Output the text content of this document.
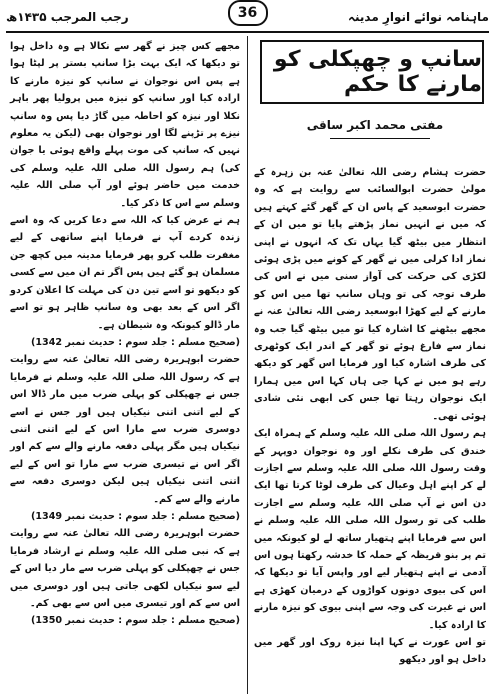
رجب المرجب ۱۴۳۵ھ	ماہنامہ نوائے انوارِ مدینہ
36
سانپ و چھپکلی کو مارنے کا حکم
مفتی محمد اکبر ساقی

حضرت ہشام رضی اللہ تعالیٰ عنہ بن زہرہ کے مولیٰ حضرت ابوالسائب سے روایت ہے کہ وہ حضرت ابوسعید کے پاس ان کے گھر گئے کہتے ہیں کہ میں نے انہیں نماز پڑھتے پایا تو میں ان کے انتظار میں بیٹھ گیا یہاں تک کہ انہوں نے اپنی نماز ادا کرلی میں نے گھر کے کونے میں پڑی ہوئی لکڑی کی حرکت کی آواز سنی میں نے اس کی طرف توجہ کی تو وہاں سانپ تھا میں اس کو مارنے کے لیے کھڑا ابوسعید رضی اللہ تعالیٰ عنہ نے مجھے بیٹھنے کا اشارہ کیا تو میں بیٹھ گیا جب وہ نماز سے فارغ ہوئے تو گھر کے اندر ایک کوٹھری کی طرف اشارہ کیا اور فرمایا اس گھر کو دیکھ رہے ہو میں نے کہا جی ہاں کہا اس میں ہمارا ایک نوجوان رہتا تھا جس کی ابھی نئی شادی ہوئی تھی۔

ہم رسول اللہ صلی اللہ علیہ وسلم کے ہمراہ ایک خندق کی طرف نکلے اور وہ نوجوان دوپہر کے وقت رسول اللہ صلی اللہ علیہ وسلم سے اجازت لے کر اپنے اہل وعیال کی طرف لوٹا کرتا تھا ایک دن اس نے آپ صلی اللہ علیہ وسلم سے اجازت طلب کی تو رسول اللہ صلی اللہ علیہ وسلم نے اس سے فرمایا اپنے ہتھیار ساتھ لے لو کیونکہ میں تم پر بنو قریظہ کے حملہ کا خدشہ رکھتا ہوں اس آدمی نے اپنے ہتھیار لیے اور واپس آیا تو دیکھا کہ اس کی بیوی دونوں کواڑوں کے درمیان کھڑی ہے اس نے غیرت کی وجہ سے اپنی بیوی کو نیزہ مارنے کا ارادہ کیا۔

تو اس عورت نے کہا اپنا نیزہ روک اور گھر میں داخل ہو اور دیکھو

مجھے کس چیز نے گھر سے نکالا ہے وہ داخل ہوا تو دیکھا کہ ایک بہت بڑا سانپ بستر پر لپٹا ہوا ہے پس اس نوجوان نے سانپ کو نیزہ مارنے کا ارادہ کیا اور سانپ کو نیزہ میں پرولیا پھر باہر نکلا اور نیزہ کو احاطہ میں گاڑ دیا پس وہ سانپ نیزے پر تڑپنے لگا اور نوجوان بھی (لیکن یہ معلوم نہیں کہ سانپ کی موت پہلے واقع ہوئی یا جوان کی) ہم رسول اللہ صلی اللہ علیہ وسلم کی خدمت میں حاضر ہوئے اور آپ صلی اللہ علیہ وسلم سے اس کا ذکر کیا۔

ہم نے عرض کیا کہ اللہ سے دعا کریں کہ وہ اسے زندہ کردے آپ نے فرمایا اپنے ساتھی کے لیے مغفرت طلب کرو پھر فرمایا مدینہ میں کچھ جن مسلمان ہو گئے ہیں پس اگر تم ان میں سے کسی کو دیکھو تو اسے تین دن کی مہلت کا اعلان کردو اگر اس کے بعد بھی وہ سانپ ظاہر ہو تو اسے مار ڈالو کیونکہ وہ شیطان ہے۔

(صحیح مسلم : جلد سوم : حدیث نمبر 1342)

حضرت ابوہریرہ رضی اللہ تعالیٰ عنہ سے روایت ہے کہ رسول اللہ صلی اللہ علیہ وسلم نے فرمایا جس نے چھپکلی کو پہلی ضرب میں مار ڈالا اس کے لیے اتنی اتنی نیکیاں ہیں اور جس نے اسے دوسری ضرب سے مارا اس کے لیے اتنی اتنی نیکیاں ہیں مگر پہلی دفعہ مارنے والے سے کم اور اگر اس نے تیسری ضرب سے مارا تو اس کے لیے اتنی اتنی نیکیاں ہیں لیکن دوسری دفعہ سے مارنے والے سے کم۔

(صحیح مسلم : جلد سوم : حدیث نمبر 1349)

حضرت ابوہریرہ رضی اللہ تعالیٰ عنہ سے روایت ہے کہ نبی صلی اللہ علیہ وسلم نے ارشاد فرمایا جس نے چھپکلی کو پہلی ضرب سے مار دیا اس کے لیے سو نیکیاں لکھی جاتی ہیں اور دوسری میں اس سے کم اور تیسری میں اس سے بھی کم۔

(صحیح مسلم : جلد سوم : حدیث نمبر 1350)
